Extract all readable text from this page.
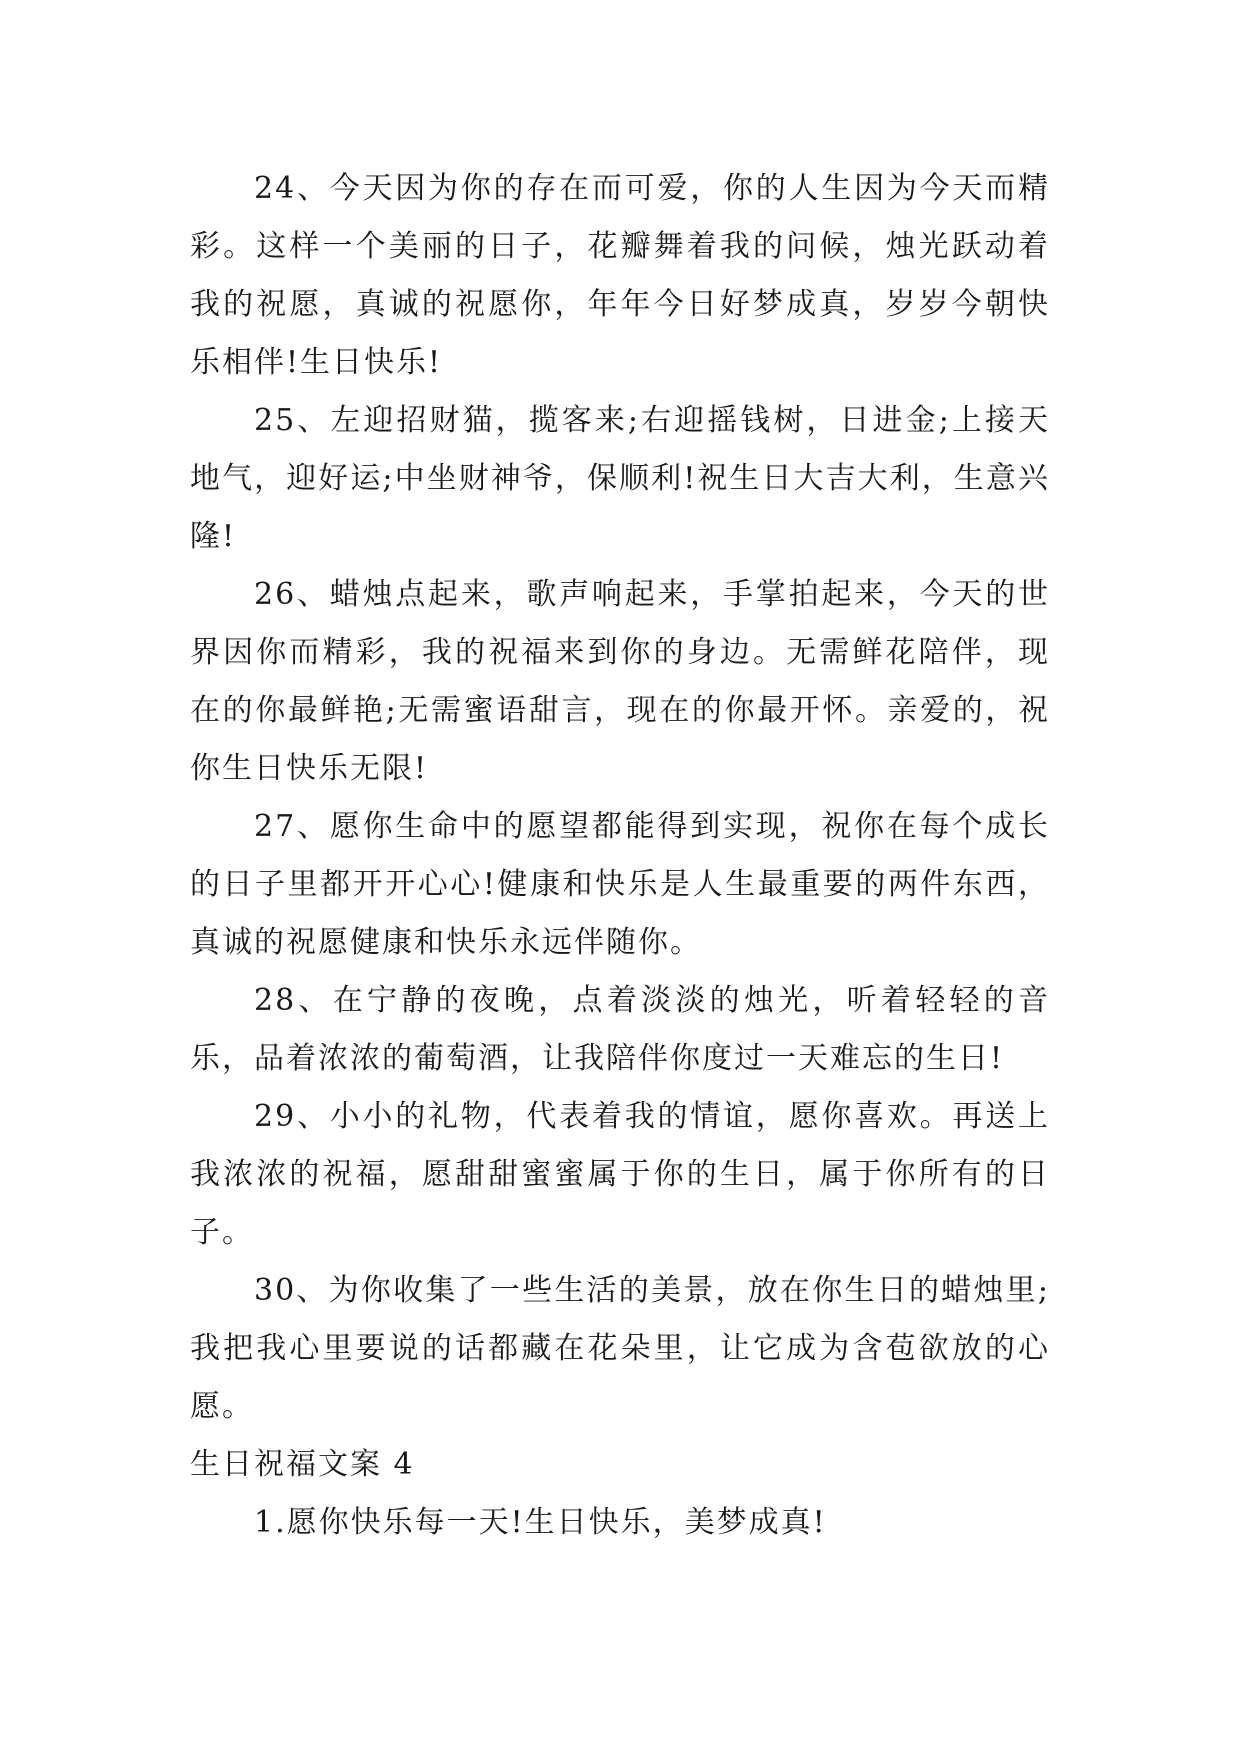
24、今天因为你的存在而可爱，你的人生因为今天而精彩。这样一个美丽的日子，花瓣舞着我的问候，烛光跃动着我的祝愿，真诚的祝愿你，年年今日好梦成真，岁岁今朝快乐相伴!生日快乐!

25、左迎招财猫，揽客来;右迎摇钱树，日进金;上接天地气，迎好运;中坐财神爷，保顺利!祝生日大吉大利，生意兴隆!

26、蜡烛点起来，歌声响起来，手掌拍起来，今天的世界因你而精彩，我的祝福来到你的身边。无需鲜花陪伴，现在的你最鲜艳;无需蜜语甜言，现在的你最开怀。亲爱的，祝你生日快乐无限!

27、愿你生命中的愿望都能得到实现，祝你在每个成长的日子里都开开心心!健康和快乐是人生最重要的两件东西，真诚的祝愿健康和快乐永远伴随你。

28、在宁静的夜晚，点着淡淡的烛光，听着轻轻的音乐，品着浓浓的葡萄酒，让我陪伴你度过一天难忘的生日!

29、小小的礼物，代表着我的情谊，愿你喜欢。再送上我浓浓的祝福，愿甜甜蜜蜜属于你的生日，属于你所有的日子。

30、为你收集了一些生活的美景，放在你生日的蜡烛里;我把我心里要说的话都藏在花朵里，让它成为含苞欲放的心愿。

生日祝福文案 4

1.愿你快乐每一天!生日快乐，美梦成真!
